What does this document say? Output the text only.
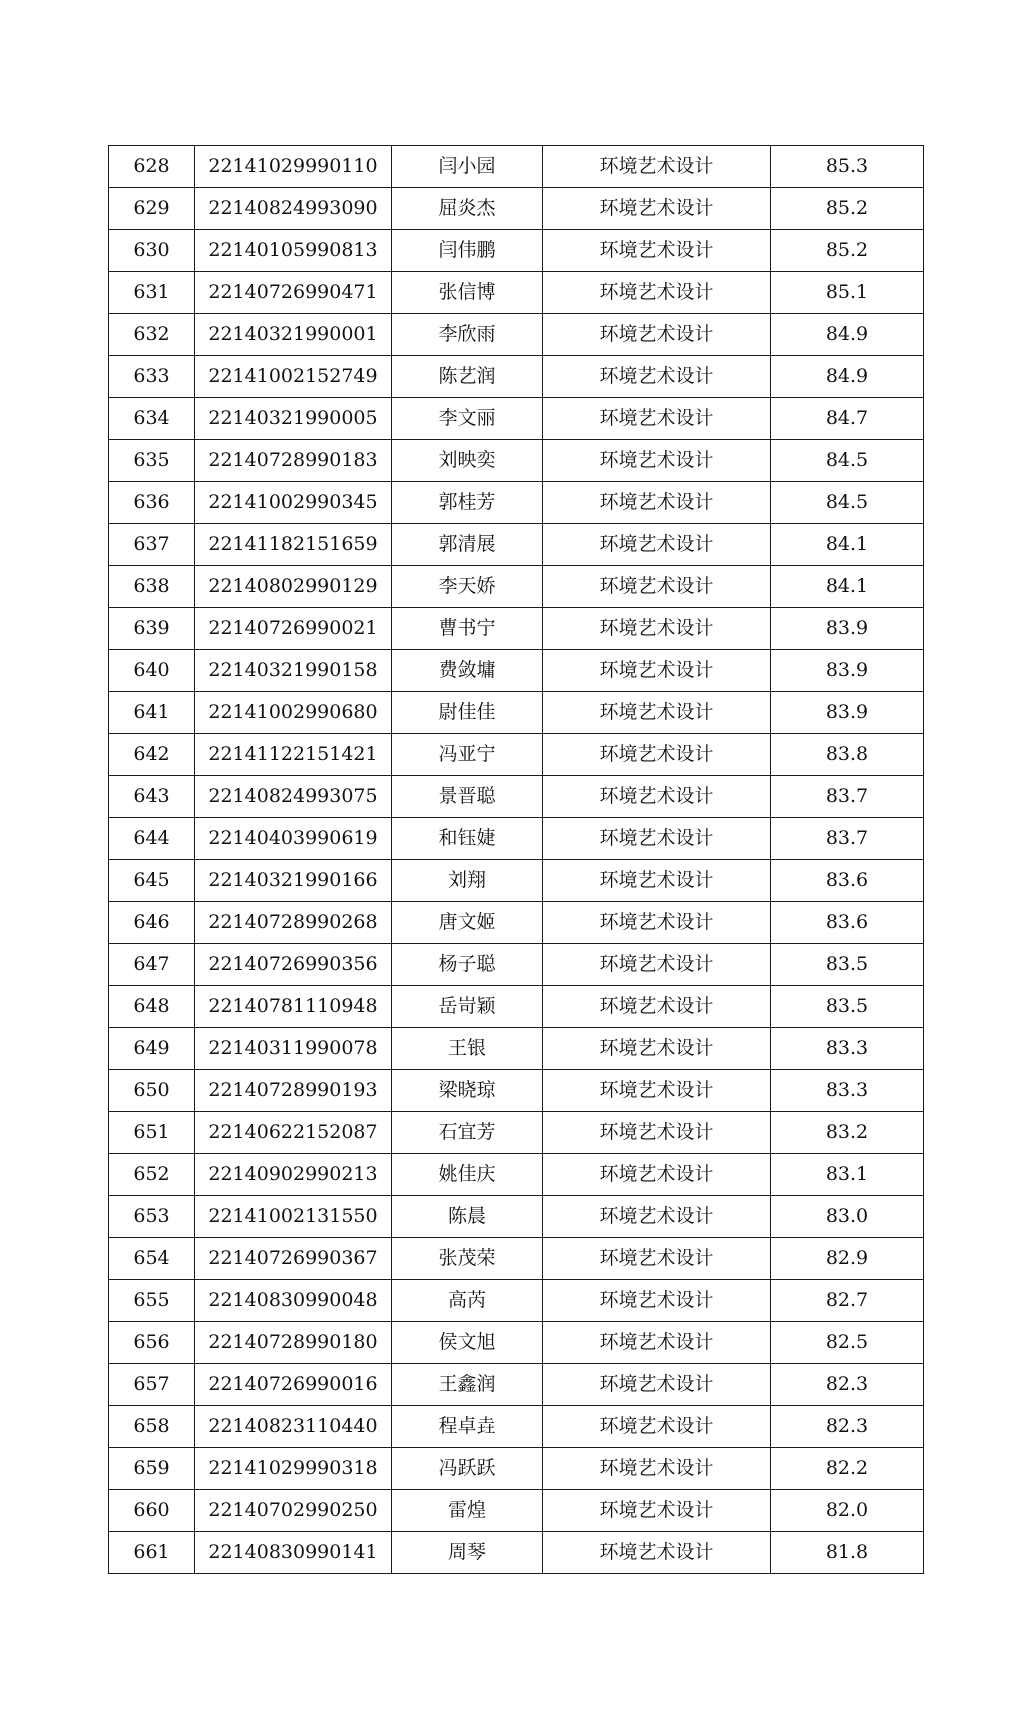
628	22141029990110	闫小园	环境艺术设计	85.3
629	22140824993090	屈炎杰	环境艺术设计	85.2
630	22140105990813	闫伟鹏	环境艺术设计	85.2
631	22140726990471	张信博	环境艺术设计	85.1
632	22140321990001	李欣雨	环境艺术设计	84.9
633	22141002152749	陈艺润	环境艺术设计	84.9
634	22140321990005	李文丽	环境艺术设计	84.7
635	22140728990183	刘映奕	环境艺术设计	84.5
636	22141002990345	郭桂芳	环境艺术设计	84.5
637	22141182151659	郭清展	环境艺术设计	84.1
638	22140802990129	李天娇	环境艺术设计	84.1
639	22140726990021	曹书宁	环境艺术设计	83.9
640	22140321990158	费敛墉	环境艺术设计	83.9
641	22141002990680	尉佳佳	环境艺术设计	83.9
642	22141122151421	冯亚宁	环境艺术设计	83.8
643	22140824993075	景晋聪	环境艺术设计	83.7
644	22140403990619	和钰婕	环境艺术设计	83.7
645	22140321990166	刘翔	环境艺术设计	83.6
646	22140728990268	唐文姬	环境艺术设计	83.6
647	22140726990356	杨子聪	环境艺术设计	83.5
648	22140781110948	岳岢颖	环境艺术设计	83.5
649	22140311990078	王银	环境艺术设计	83.3
650	22140728990193	梁晓琼	环境艺术设计	83.3
651	22140622152087	石宜芳	环境艺术设计	83.2
652	22140902990213	姚佳庆	环境艺术设计	83.1
653	22141002131550	陈晨	环境艺术设计	83.0
654	22140726990367	张茂荣	环境艺术设计	82.9
655	22140830990048	高芮	环境艺术设计	82.7
656	22140728990180	侯文旭	环境艺术设计	82.5
657	22140726990016	王鑫润	环境艺术设计	82.3
658	22140823110440	程卓垚	环境艺术设计	82.3
659	22141029990318	冯跃跃	环境艺术设计	82.2
660	22140702990250	雷煌	环境艺术设计	82.0
661	22140830990141	周琴	环境艺术设计	81.8
